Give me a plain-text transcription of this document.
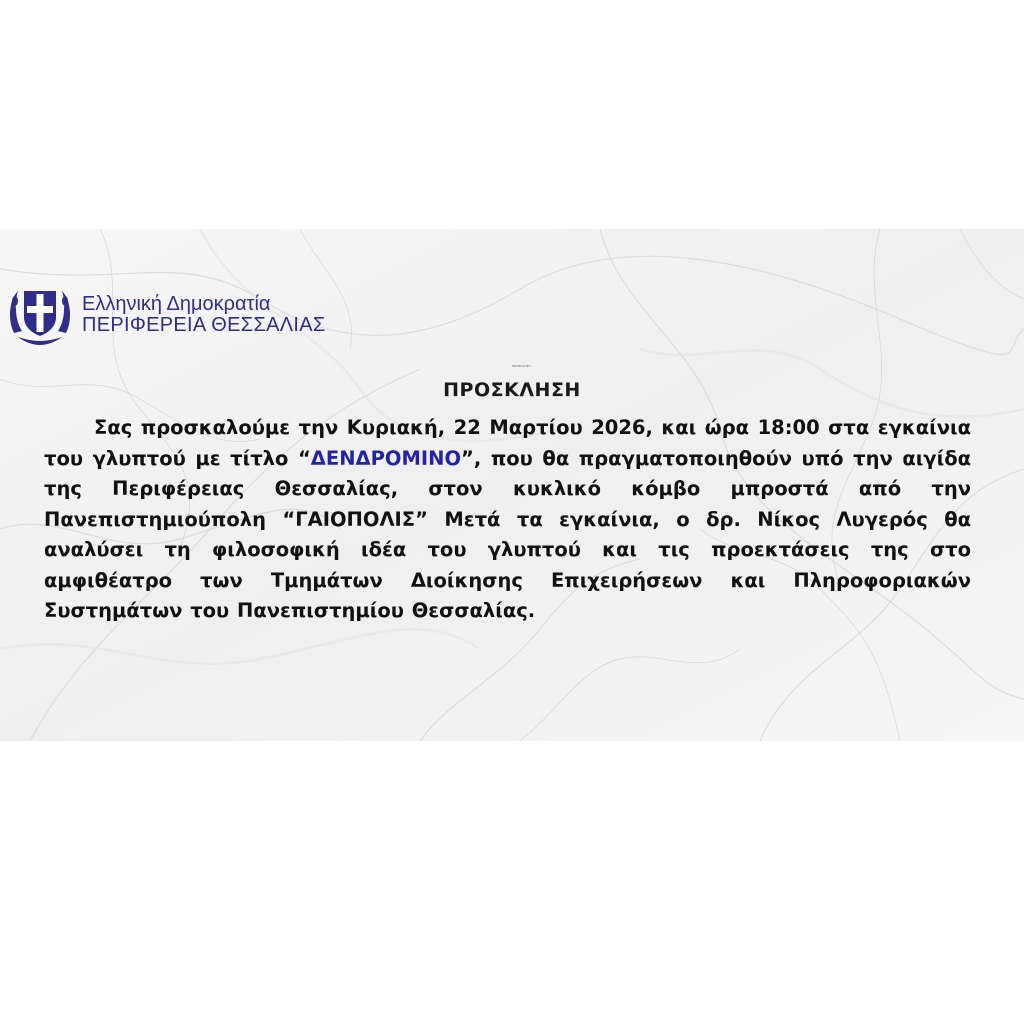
Ελληνική Δημοκρατία
ΠΕΡΙΦΕΡΕΙΑ ΘΕΣΣΑΛΙΑΣ
ΠΡΟΣΚΛΗΣΗ
ΠΡΟΣΚΛΗΣΗ
Σας προσκαλούμε την Κυριακή, 22 Μαρτίου 2026, και ώρα 18:00 στα εγκαίνια του γλυπτού με τίτλο “ΔΕΝΔΡΟΜΙΝΟ”, που θα πραγματοποιηθούν υπό την αιγίδα της Περιφέρειας Θεσσαλίας, στον κυκλικό κόμβο μπροστά από την Πανεπιστημιούπολη “ΓΑΙΟΠΟΛΙΣ” Μετά τα εγκαίνια, ο δρ. Νίκος Λυγερός θα αναλύσει τη φιλοσοφική ιδέα του γλυπτού και τις προεκτάσεις της στο αμφιθέατρο των Τμημάτων Διοίκησης Επιχειρήσεων και Πληροφοριακών Συστημάτων του Πανεπιστημίου Θεσσαλίας.
